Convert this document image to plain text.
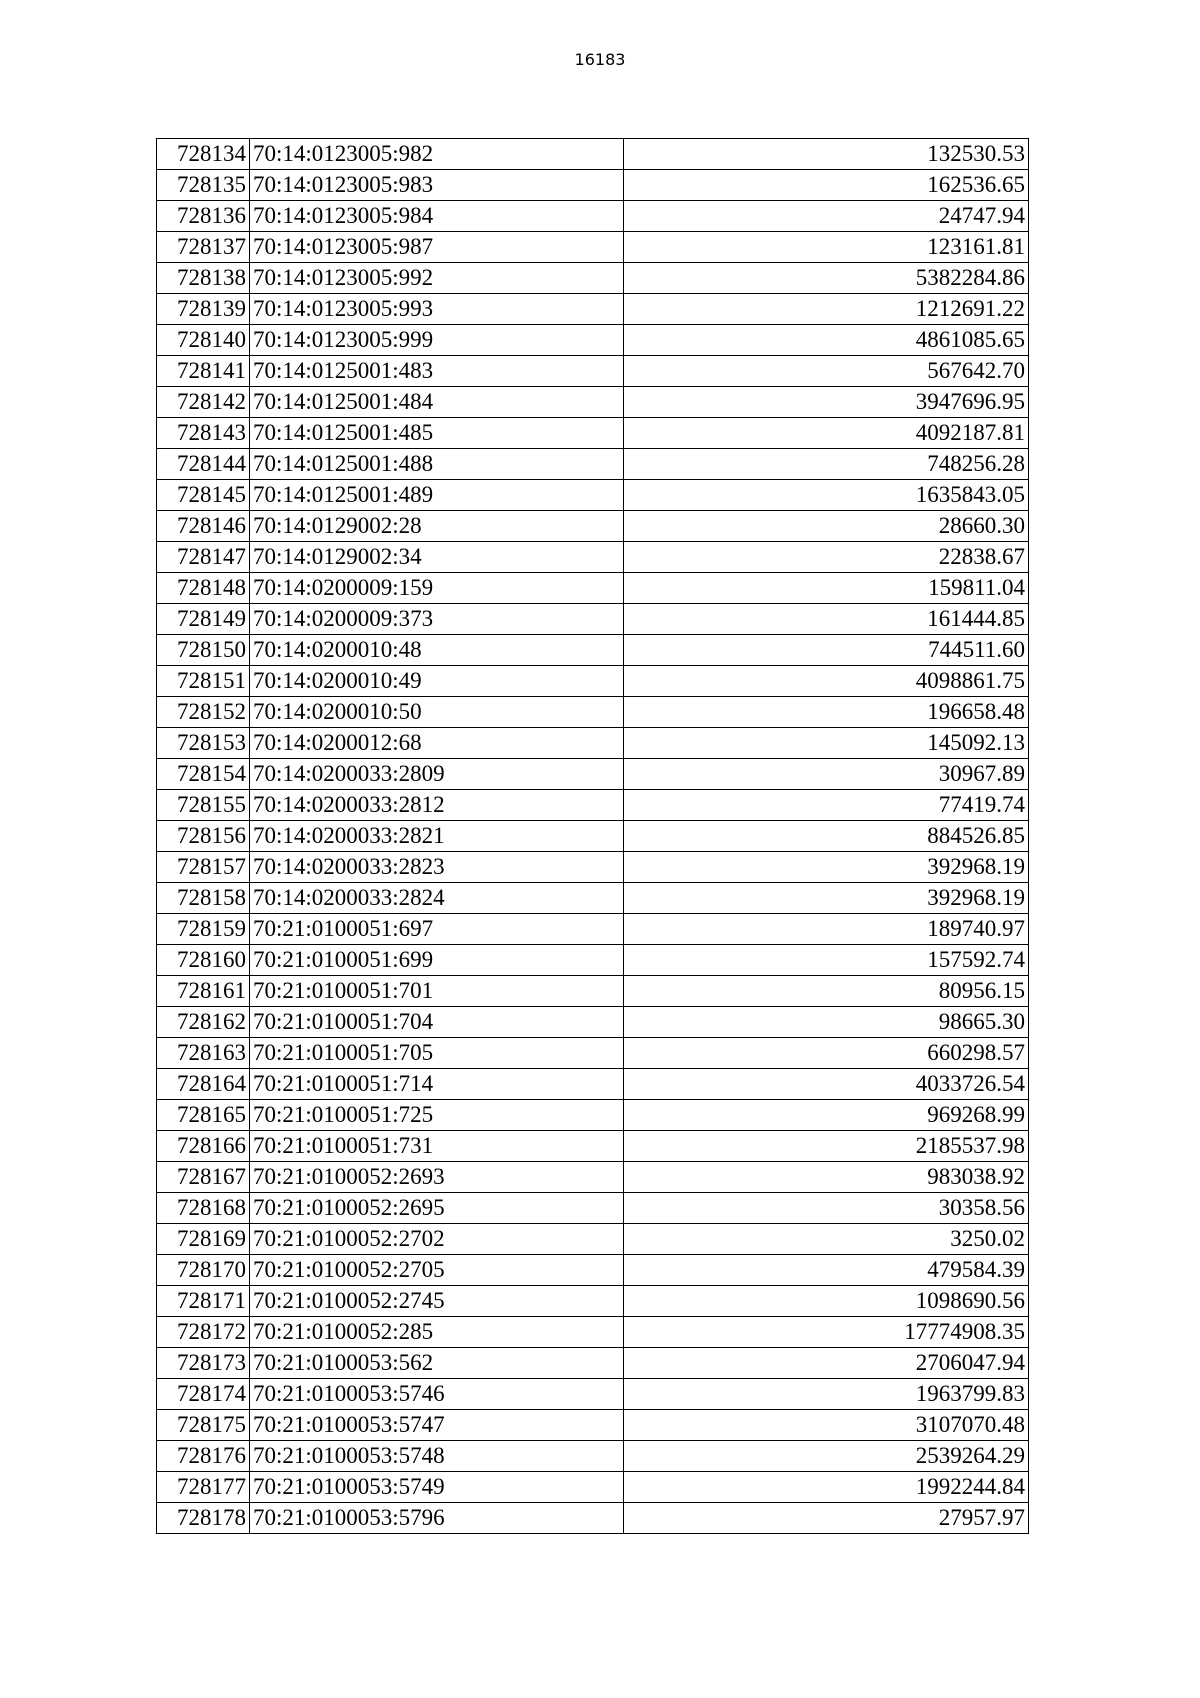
16183
728134	70:14:0123005:982	132530.53
728135	70:14:0123005:983	162536.65
728136	70:14:0123005:984	24747.94
728137	70:14:0123005:987	123161.81
728138	70:14:0123005:992	5382284.86
728139	70:14:0123005:993	1212691.22
728140	70:14:0123005:999	4861085.65
728141	70:14:0125001:483	567642.70
728142	70:14:0125001:484	3947696.95
728143	70:14:0125001:485	4092187.81
728144	70:14:0125001:488	748256.28
728145	70:14:0125001:489	1635843.05
728146	70:14:0129002:28	28660.30
728147	70:14:0129002:34	22838.67
728148	70:14:0200009:159	159811.04
728149	70:14:0200009:373	161444.85
728150	70:14:0200010:48	744511.60
728151	70:14:0200010:49	4098861.75
728152	70:14:0200010:50	196658.48
728153	70:14:0200012:68	145092.13
728154	70:14:0200033:2809	30967.89
728155	70:14:0200033:2812	77419.74
728156	70:14:0200033:2821	884526.85
728157	70:14:0200033:2823	392968.19
728158	70:14:0200033:2824	392968.19
728159	70:21:0100051:697	189740.97
728160	70:21:0100051:699	157592.74
728161	70:21:0100051:701	80956.15
728162	70:21:0100051:704	98665.30
728163	70:21:0100051:705	660298.57
728164	70:21:0100051:714	4033726.54
728165	70:21:0100051:725	969268.99
728166	70:21:0100051:731	2185537.98
728167	70:21:0100052:2693	983038.92
728168	70:21:0100052:2695	30358.56
728169	70:21:0100052:2702	3250.02
728170	70:21:0100052:2705	479584.39
728171	70:21:0100052:2745	1098690.56
728172	70:21:0100052:285	17774908.35
728173	70:21:0100053:562	2706047.94
728174	70:21:0100053:5746	1963799.83
728175	70:21:0100053:5747	3107070.48
728176	70:21:0100053:5748	2539264.29
728177	70:21:0100053:5749	1992244.84
728178	70:21:0100053:5796	27957.97
